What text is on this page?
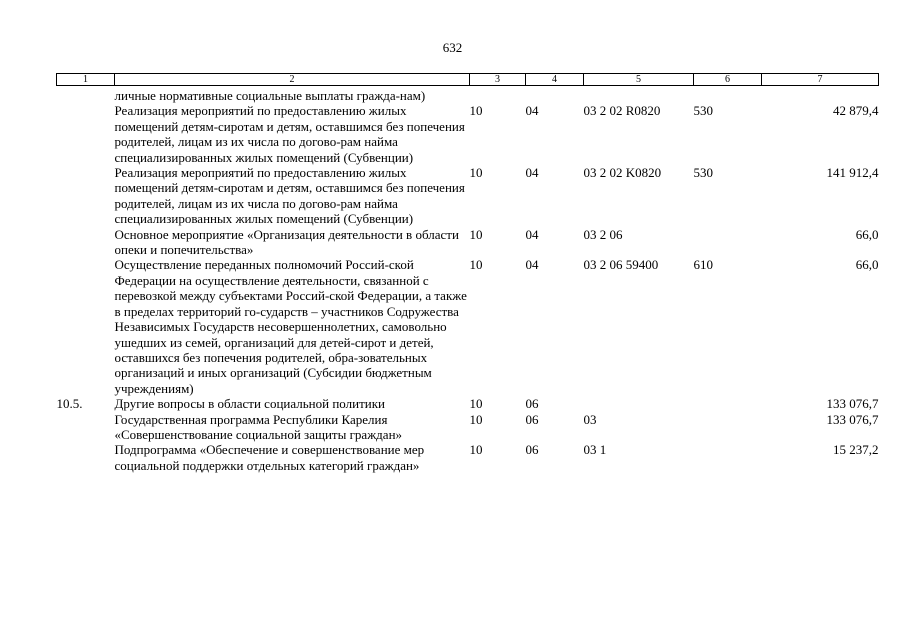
632
1	2	3	4	5	6	7
	личные нормативные социальные выплаты граждa-нам)					
	Реализация мероприятий по предоставлению жилых помещений детям-сиротам и детям, оставшимся без попечения родителей, лицам из их числа по догово-рам найма специализированных жилых помещений (Субвенции)	10	04	03 2 02 R0820	530	42 879,4
	Реализация мероприятий по предоставлению жилых помещений детям-сиротам и детям, оставшимся без попечения родителей, лицам из их числа по догово-рам найма специализированных жилых помещений (Субвенции)	10	04	03 2 02 K0820	530	141 912,4
	Основное мероприятие «Организация деятельности в области опеки и попечительства»	10	04	03 2 06		66,0
	Осуществление переданных полномочий Россий-ской Федерации на осуществление деятельности, связанной с перевозкой между субъектами Россий-ской Федерации, а также в пределах территорий го-сударств – участников Содружества Независимых Государств несовершеннолетних, самовольно ушедших из семей, организаций для детей-сирот и детей, оставшихся без попечения родителей, обра-зовательных организаций и иных организаций (Субсидии бюджетным учреждениям)	10	04	03 2 06 59400	610	66,0
10.5.	Другие вопросы в области социальной политики	10	06			133 076,7
	Государственная программа Республики Карелия «Совершенствование социальной защиты граждан»	10	06	03		133 076,7
	Подпрограмма «Обеспечение и совершенствование мер социальной поддержки отдельных категорий граждан»	10	06	03 1		15 237,2
